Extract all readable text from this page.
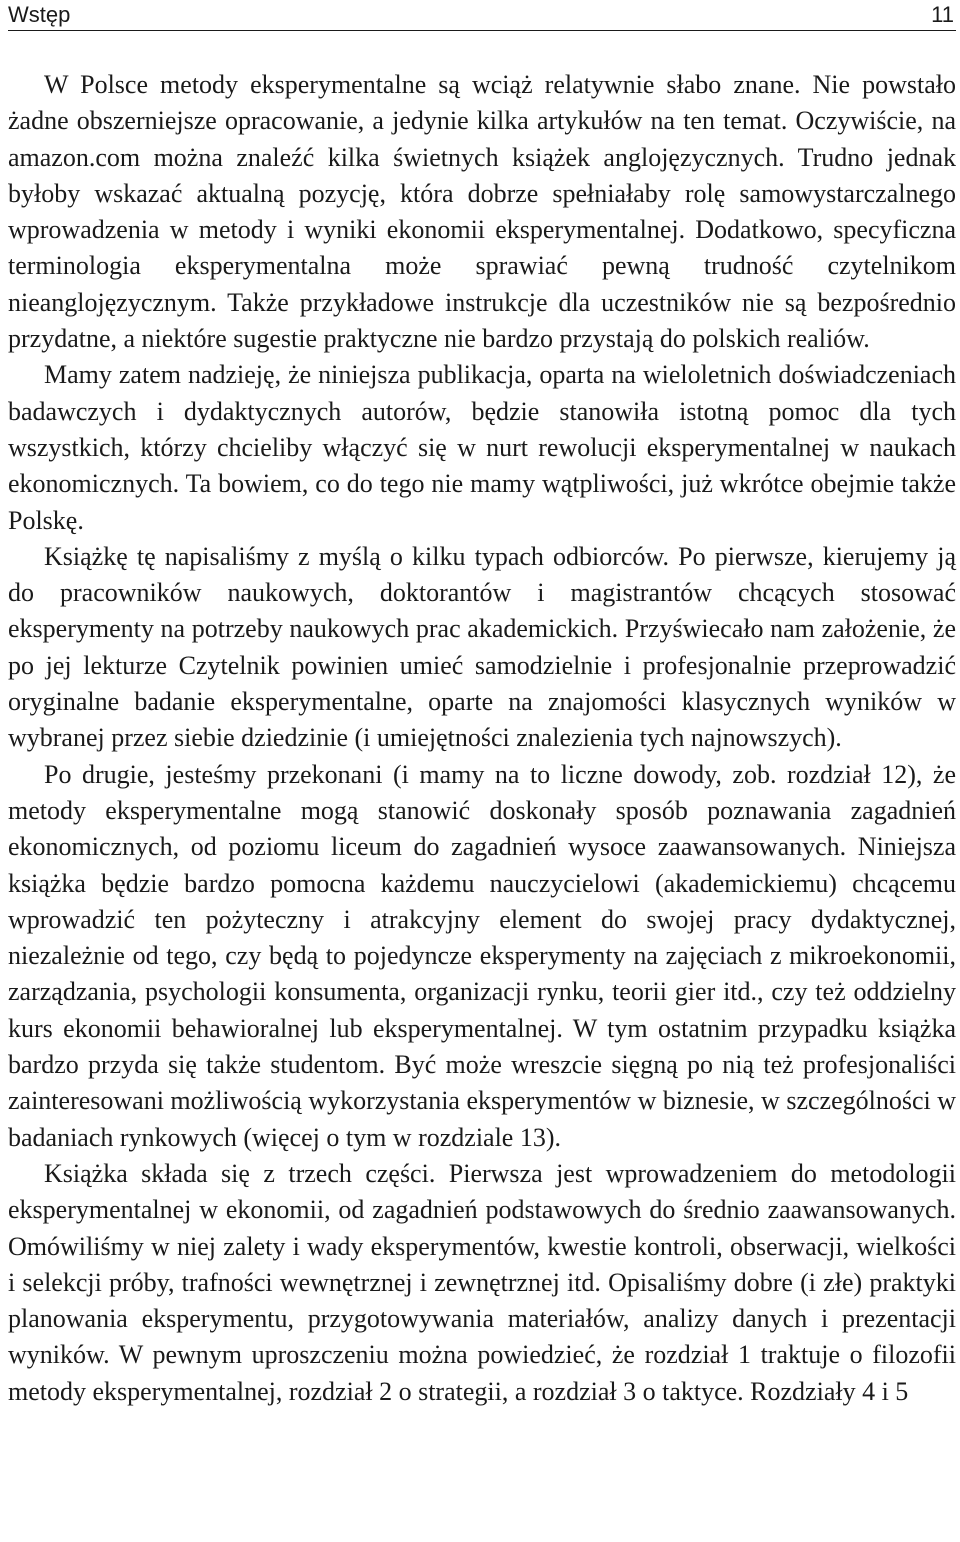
Wstęp	11

W Polsce metody eksperymentalne są wciąż relatywnie słabo znane. Nie powstało żadne obszerniejsze opracowanie, a jedynie kilka artykułów na ten temat. Oczywiście, na amazon.com można znaleźć kilka świetnych książek anglojęzycznych. Trudno jednak byłoby wskazać aktualną pozycję, która dobrze spełniałaby rolę samowystarczalnego wprowadzenia w metody i wyniki ekonomii eksperymentalnej. Dodatkowo, specyficzna terminologia eksperymentalna może sprawiać pewną trudność czytelnikom nieanglojęzycznym. Także przykładowe instrukcje dla uczestników nie są bezpośrednio przydatne, a niektóre sugestie praktyczne nie bardzo przystają do polskich realiów.

Mamy zatem nadzieję, że niniejsza publikacja, oparta na wieloletnich doświadczeniach badawczych i dydaktycznych autorów, będzie stanowiła istotną pomoc dla tych wszystkich, którzy chcieliby włączyć się w nurt rewolucji eksperymentalnej w naukach ekonomicznych. Ta bowiem, co do tego nie mamy wątpliwości, już wkrótce obejmie także Polskę.

Książkę tę napisaliśmy z myślą o kilku typach odbiorców. Po pierwsze, kierujemy ją do pracowników naukowych, doktorantów i magistrantów chcących stosować eksperymenty na potrzeby naukowych prac akademickich. Przyświecało nam założenie, że po jej lekturze Czytelnik powinien umieć samodzielnie i profesjonalnie przeprowadzić oryginalne badanie eksperymentalne, oparte na znajomości klasycznych wyników w wybranej przez siebie dziedzinie (i umiejętności znalezienia tych najnowszych).

Po drugie, jesteśmy przekonani (i mamy na to liczne dowody, zob. rozdział 12), że metody eksperymentalne mogą stanowić doskonały sposób poznawania zagadnień ekonomicznych, od poziomu liceum do zagadnień wysoce zaawansowanych. Niniejsza książka będzie bardzo pomocna każdemu nauczycielowi (akademickiemu) chcącemu wprowadzić ten pożyteczny i atrakcyjny element do swojej pracy dydaktycznej, niezależnie od tego, czy będą to pojedyncze eksperymenty na zajęciach z mikroekonomii, zarządzania, psychologii konsumenta, organizacji rynku, teorii gier itd., czy też oddzielny kurs ekonomii behawioralnej lub eksperymentalnej. W tym ostatnim przypadku książka bardzo przyda się także studentom. Być może wreszcie sięgną po nią też profesjonaliści zainteresowani możliwością wykorzystania eksperymentów w biznesie, w szczególności w badaniach rynkowych (więcej o tym w rozdziale 13).

Książka składa się z trzech części. Pierwsza jest wprowadzeniem do metodologii eksperymentalnej w ekonomii, od zagadnień podstawowych do średnio zaawansowanych. Omówiliśmy w niej zalety i wady eksperymentów, kwestie kontroli, obserwacji, wielkości i selekcji próby, trafności wewnętrznej i zewnętrznej itd. Opisaliśmy dobre (i złe) praktyki planowania eksperymentu, przygotowywania materiałów, analizy danych i prezentacji wyników. W pewnym uproszczeniu można powiedzieć, że rozdział 1 traktuje o filozofii metody eksperymentalnej, rozdział 2 o strategii, a rozdział 3 o taktyce. Rozdziały 4 i 5
